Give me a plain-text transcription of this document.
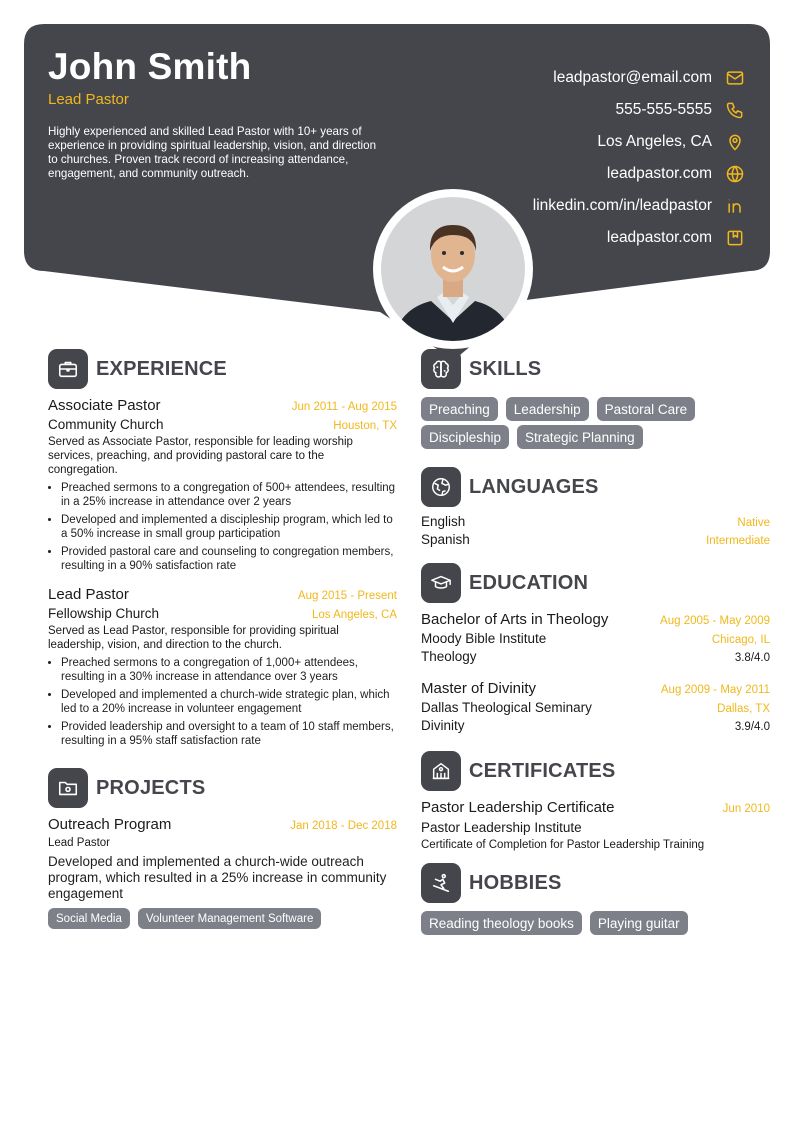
John Smith
Lead Pastor
Highly experienced and skilled Lead Pastor with 10+ years of experience in providing spiritual leadership, vision, and direction to churches. Proven track record of increasing attendance, engagement, and community outreach.
leadpastor@email.com
555-555-5555
Los Angeles, CA
leadpastor.com
linkedin.com/in/leadpastor
leadpastor.com
EXPERIENCE
Associate Pastor	Jun 2011 - Aug 2015
Community Church	Houston, TX
Served as Associate Pastor, responsible for leading worship services, preaching, and providing pastoral care to the congregation.
• Preached sermons to a congregation of 500+ attendees, resulting in a 25% increase in attendance over 2 years
• Developed and implemented a discipleship program, which led to a 50% increase in small group participation
• Provided pastoral care and counseling to congregation members, resulting in a 90% satisfaction rate
Lead Pastor	Aug 2015 - Present
Fellowship Church	Los Angeles, CA
Served as Lead Pastor, responsible for providing spiritual leadership, vision, and direction to the church.
• Preached sermons to a congregation of 1,000+ attendees, resulting in a 30% increase in attendance over 3 years
• Developed and implemented a church-wide strategic plan, which led to a 20% increase in volunteer engagement
• Provided leadership and oversight to a team of 10 staff members, resulting in a 95% staff satisfaction rate
PROJECTS
Outreach Program	Jan 2018 - Dec 2018
Lead Pastor
Developed and implemented a church-wide outreach program, which resulted in a 25% increase in community engagement
Social Media	Volunteer Management Software
SKILLS
Preaching	Leadership	Pastoral Care
Discipleship	Strategic Planning
LANGUAGES
English	Native
Spanish	Intermediate
EDUCATION
Bachelor of Arts in Theology	Aug 2005 - May 2009
Moody Bible Institute	Chicago, IL
Theology	3.8/4.0
Master of Divinity	Aug 2009 - May 2011
Dallas Theological Seminary	Dallas, TX
Divinity	3.9/4.0
CERTIFICATES
Pastor Leadership Certificate	Jun 2010
Pastor Leadership Institute
Certificate of Completion for Pastor Leadership Training
HOBBIES
Reading theology books	Playing guitar
